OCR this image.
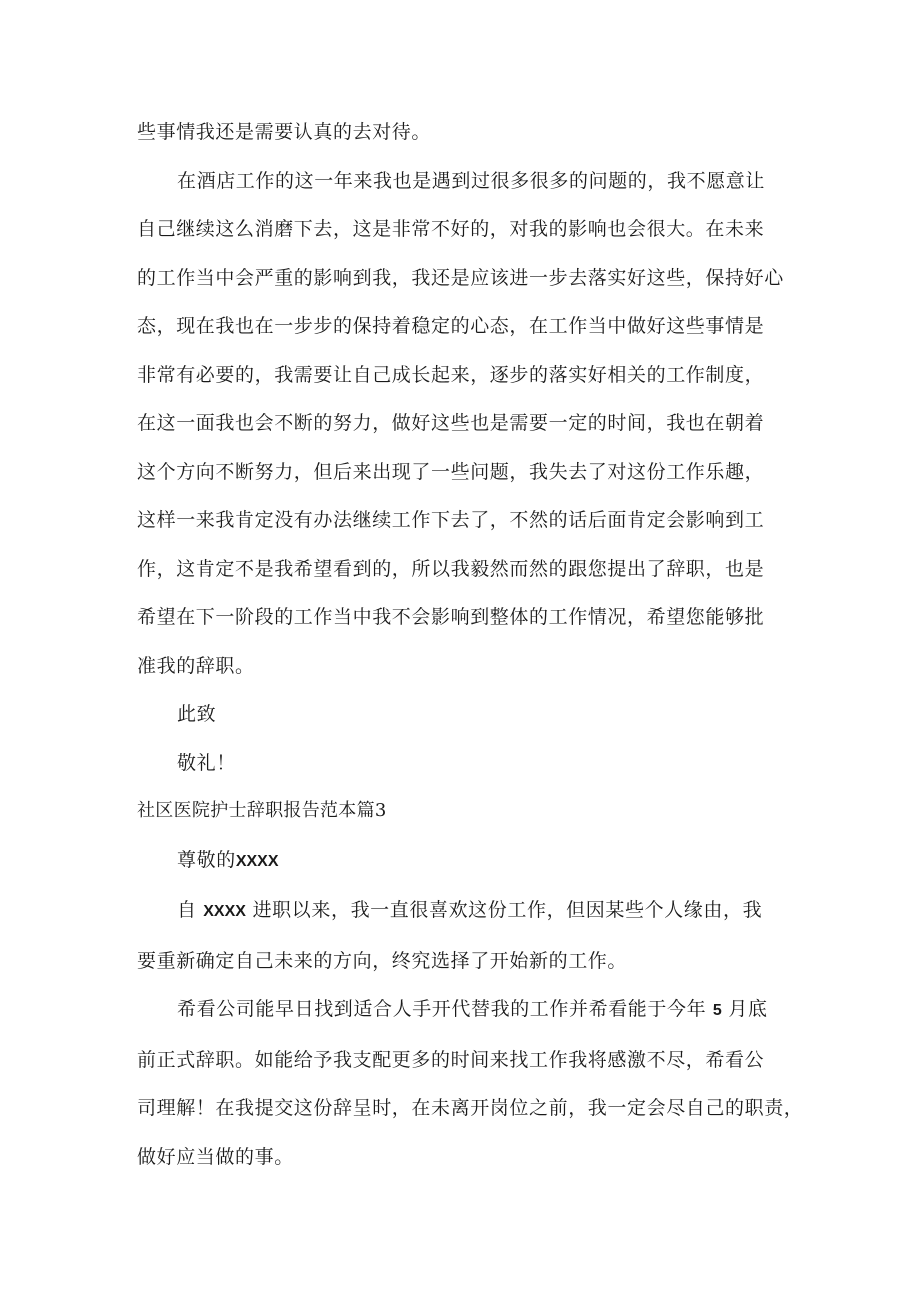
些事情我还是需要认真的去对待。

在酒店工作的这一年来我也是遇到过很多很多的问题的，我不愿意让

自己继续这么消磨下去，这是非常不好的，对我的影响也会很大。在未来

的工作当中会严重的影响到我，我还是应该进一步去落实好这些，保持好心

态，现在我也在一步步的保持着稳定的心态，在工作当中做好这些事情是

非常有必要的，我需要让自己成长起来，逐步的落实好相关的工作制度，

在这一面我也会不断的努力，做好这些也是需要一定的时间，我也在朝着

这个方向不断努力，但后来出现了一些问题，我失去了对这份工作乐趣，

这样一来我肯定没有办法继续工作下去了，不然的话后面肯定会影响到工

作，这肯定不是我希望看到的，所以我毅然而然的跟您提出了辞职，也是

希望在下一阶段的工作当中我不会影响到整体的工作情况，希望您能够批

准我的辞职。

此致

敬礼！

社区医院护士辞职报告范本篇3

尊敬的XXXX

自 XXXX 进职以来，我一直很喜欢这份工作，但因某些个人缘由，我

要重新确定自己未来的方向，终究选择了开始新的工作。

希看公司能早日找到适合人手开代替我的工作并希看能于今年 5 月底

前正式辞职。如能给予我支配更多的时间来找工作我将感激不尽，希看公

司理解！在我提交这份辞呈时，在未离开岗位之前，我一定会尽自己的职责，

做好应当做的事。
